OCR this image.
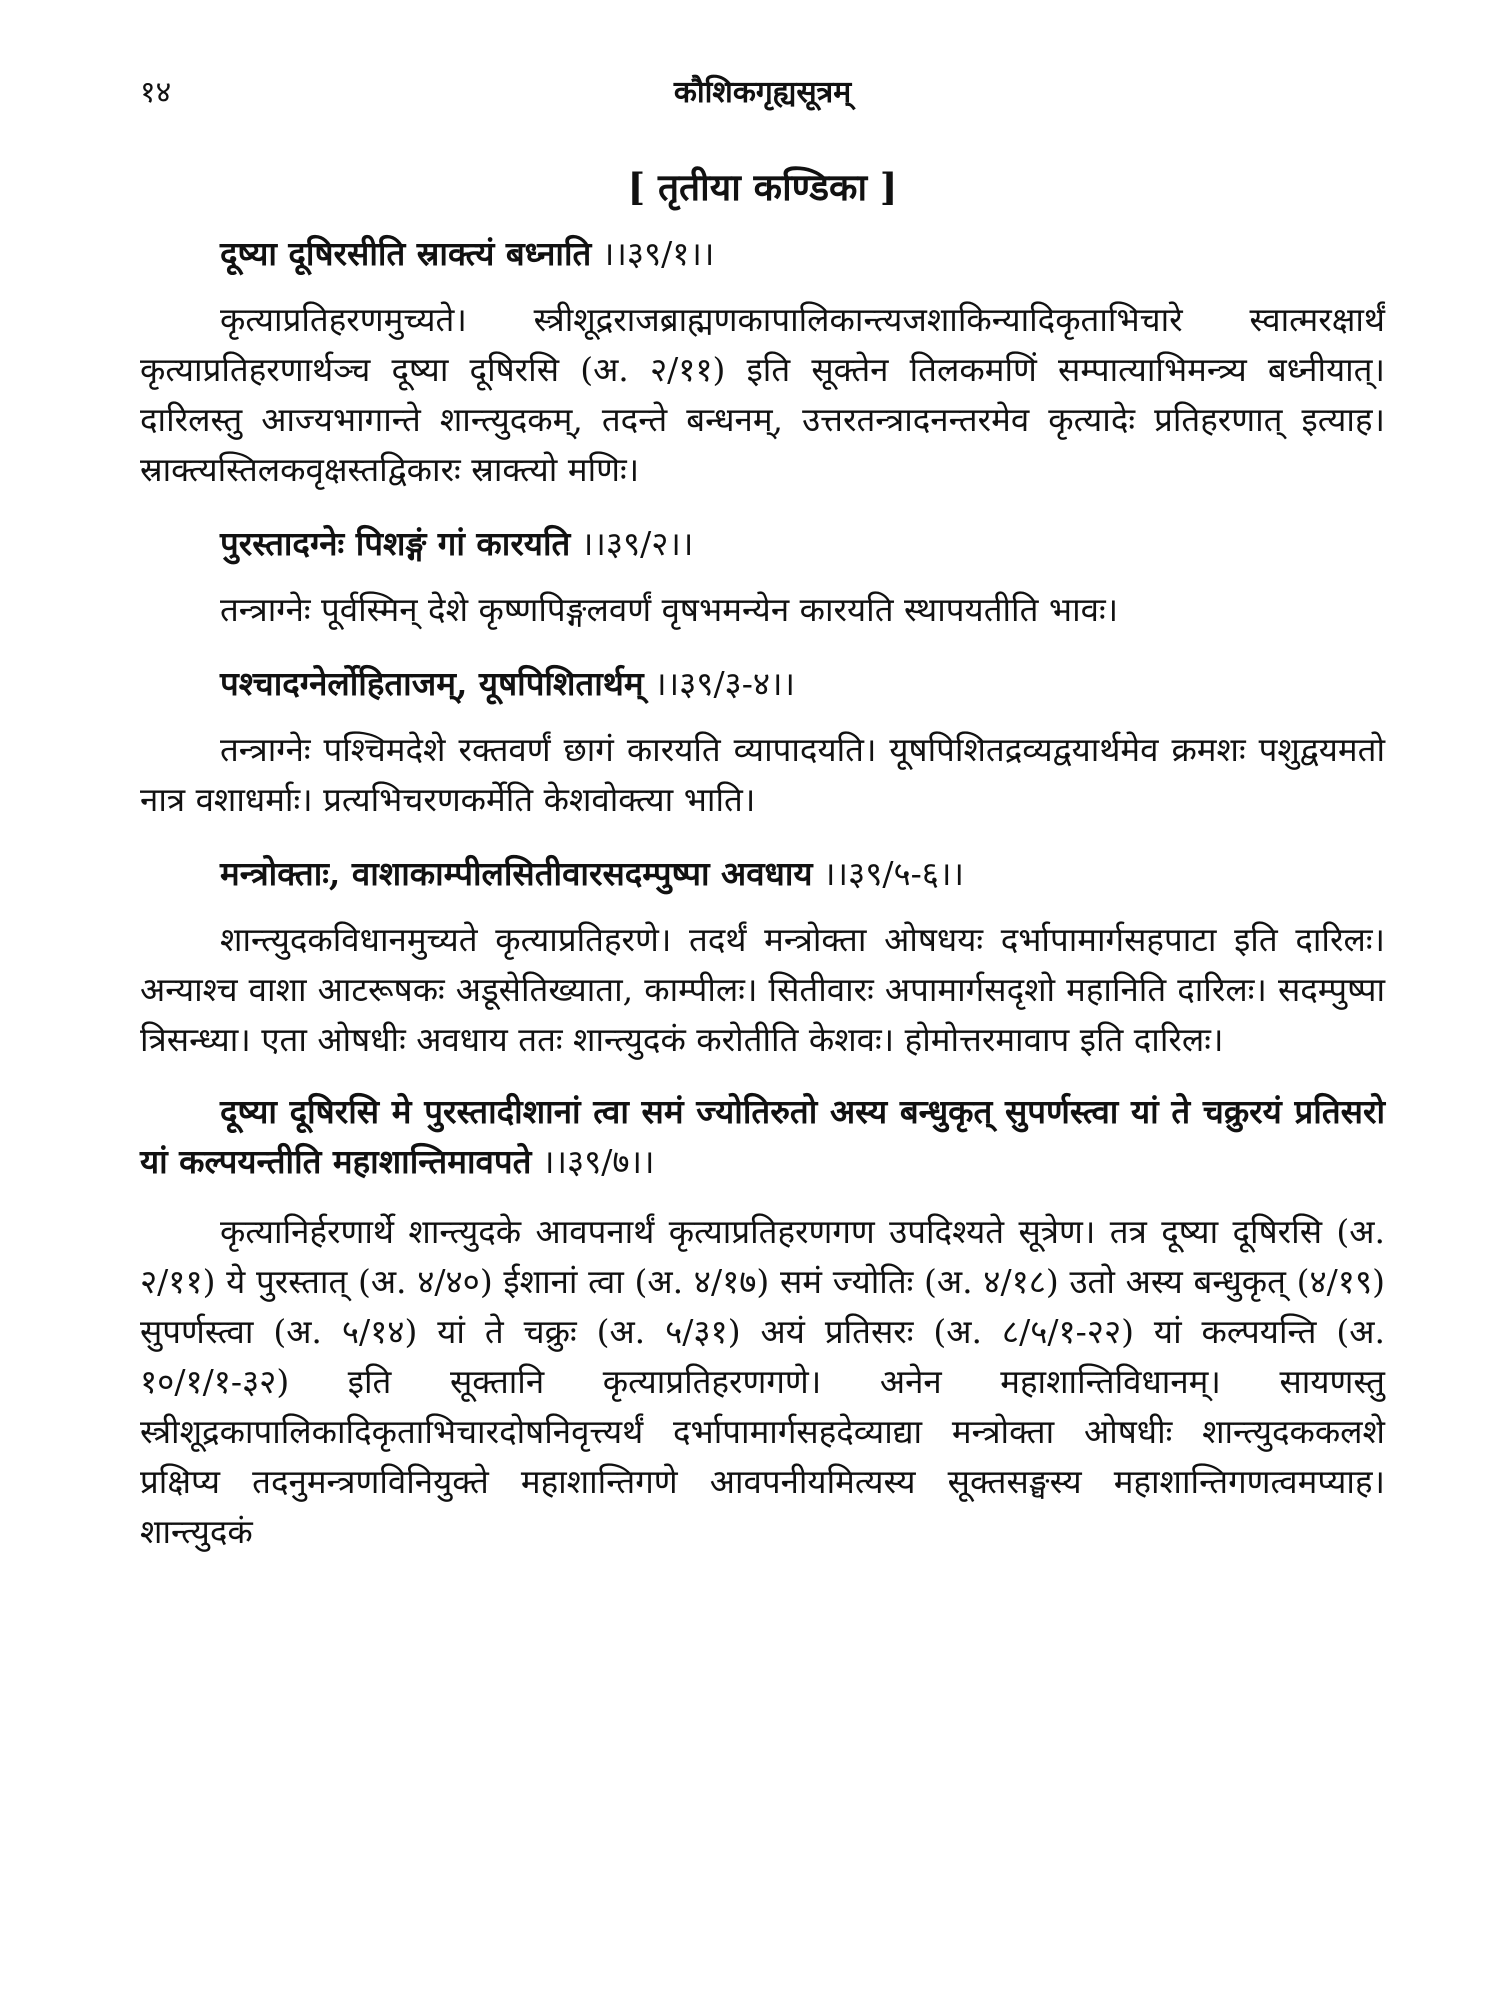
१४	कौशिकगृह्यसूत्रम्
[ तृतीया कण्डिका ]

दूष्या दूषिरसीति स्राक्त्यं बध्नाति ।।३९/१।।

कृत्याप्रतिहरणमुच्यते। स्त्रीशूद्रराजब्राह्मणकापालिकान्त्यजशाकिन्यादिकृताभिचारे स्वात्मरक्षार्थं कृत्याप्रतिहरणार्थञ्च दूष्या दूषिरसि (अ. २/११) इति सूक्तेन तिलकमणिं सम्पात्याभिमन्त्र्य बध्नीयात्। दारिलस्तु आज्यभागान्ते शान्त्युदकम्, तदन्ते बन्धनम्, उत्तरतन्त्रादनन्तरमेव कृत्यादेः प्रतिहरणात् इत्याह। स्राक्त्यस्तिलकवृक्षस्तद्विकारः स्राक्त्यो मणिः।

पुरस्तादग्नेः पिशङ्गं गां कारयति ।।३९/२।।

तन्त्राग्नेः पूर्वस्मिन् देशे कृष्णपिङ्गलवर्णं वृषभमन्येन कारयति स्थापयतीति भावः।

पश्चादग्नेर्लोहिताजम्, यूषपिशितार्थम् ।।३९/३-४।।

तन्त्राग्नेः पश्चिमदेशे रक्तवर्णं छागं कारयति व्यापादयति। यूषपिशितद्रव्यद्वयार्थमेव क्रमशः पशुद्वयमतो नात्र वशाधर्माः। प्रत्यभिचरणकर्मेति केशवोक्त्या भाति।

मन्त्रोक्ताः, वाशाकाम्पीलसितीवारसदम्पुष्पा अवधाय ।।३९/५-६।।

शान्त्युदकविधानमुच्यते कृत्याप्रतिहरणे। तदर्थं मन्त्रोक्ता ओषधयः दर्भापामार्गसहपाटा इति दारिलः। अन्याश्च वाशा आटरूषकः अडूसेतिख्याता, काम्पीलः। सितीवारः अपामार्गसदृशो महानिति दारिलः। सदम्पुष्पा त्रिसन्ध्या। एता ओषधीः अवधाय ततः शान्त्युदकं करोतीति केशवः। होमोत्तरमावाप इति दारिलः।

दूष्या दूषिरसि मे पुरस्तादीशानां त्वा समं ज्योतिरुतो अस्य बन्धुकृत् सुपर्णस्त्वा यां ते चक्रुरयं प्रतिसरो यां कल्पयन्तीति महाशान्तिमावपते ।।३९/७।।

कृत्यानिर्हरणार्थे शान्त्युदके आवपनार्थं कृत्याप्रतिहरणगण उपदिश्यते सूत्रेण। तत्र दूष्या दूषिरसि (अ. २/११) ये पुरस्तात् (अ. ४/४०) ईशानां त्वा (अ. ४/१७) समं ज्योतिः (अ. ४/१८) उतो अस्य बन्धुकृत् (४/१९) सुपर्णस्त्वा (अ. ५/१४) यां ते चक्रुः (अ. ५/३१) अयं प्रतिसरः (अ. ८/५/१-२२) यां कल्पयन्ति (अ. १०/१/१-३२) इति सूक्तानि कृत्याप्रतिहरणगणे। अनेन महाशान्तिविधानम्। सायणस्तु स्त्रीशूद्रकापालिकादिकृताभिचारदोषनिवृत्त्यर्थं दर्भापामार्गसहदेव्याद्या मन्त्रोक्ता ओषधीः शान्त्युदककलशे प्रक्षिप्य तदनुमन्त्रणविनियुक्ते महाशान्तिगणे आवपनीयमित्यस्य सूक्तसङ्घस्य महाशान्तिगणत्वमप्याह। शान्त्युदकं
